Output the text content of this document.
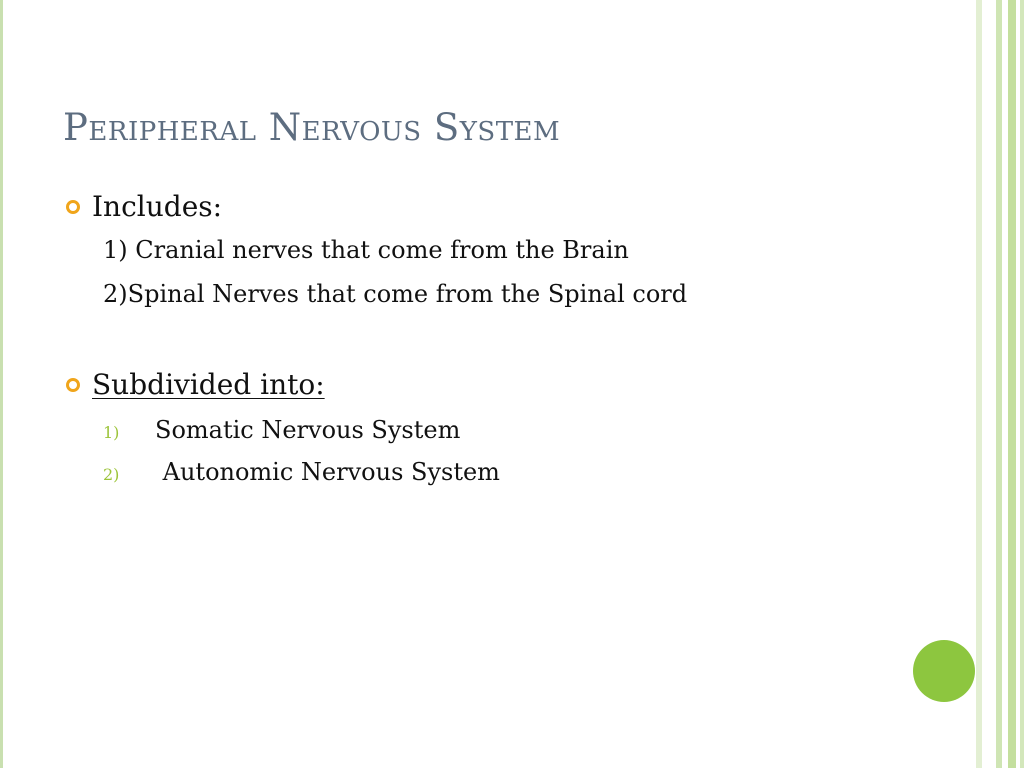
Peripheral Nervous System
Includes:
1) Cranial nerves that come from the Brain
2)Spinal Nerves that come from the Spinal cord
Subdivided into:
1)	Somatic Nervous System
2)	Autonomic Nervous System
